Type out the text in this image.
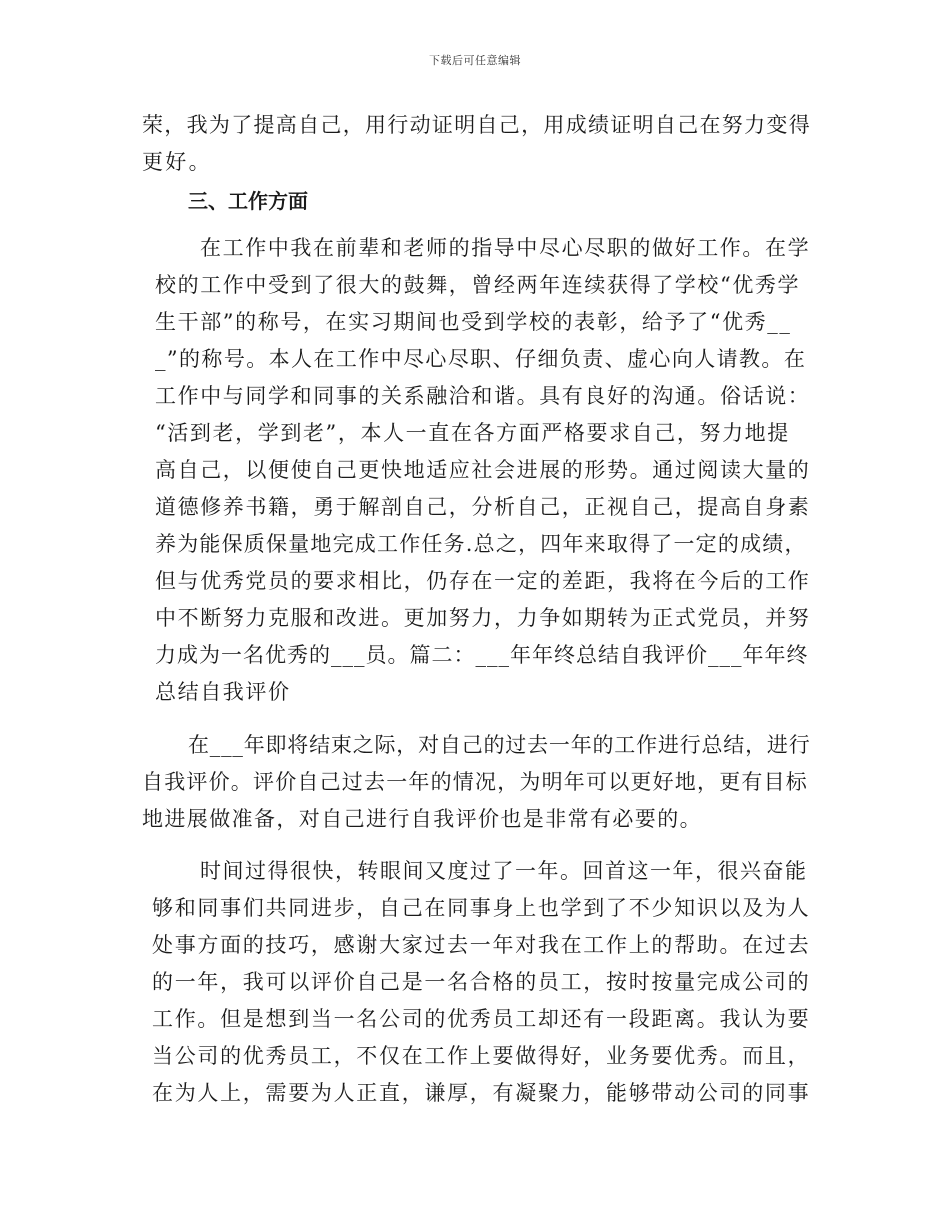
下载后可任意编辑
荣，我为了提高自己，用行动证明自己，用成绩证明自己在努力变得
更好。
三、工作方面
在工作中我在前辈和老师的指导中尽心尽职的做好工作。在学
校的工作中受到了很大的鼓舞，曾经两年连续获得了学校“优秀学
生干部”的称号，在实习期间也受到学校的表彰，给予了“优秀__
_”的称号。本人在工作中尽心尽职、仔细负责、虚心向人请教。在
工作中与同学和同事的关系融洽和谐。具有良好的沟通。俗话说：
“活到老，学到老”，本人一直在各方面严格要求自己，努力地提
高自己，以便使自己更快地适应社会进展的形势。通过阅读大量的
道德修养书籍，勇于解剖自己，分析自己，正视自己，提高自身素
养为能保质保量地完成工作任务.总之，四年来取得了一定的成绩，
但与优秀党员的要求相比，仍存在一定的差距，我将在今后的工作
中不断努力克服和改进。更加努力，力争如期转为正式党员，并努
力成为一名优秀的___员。篇二：___年年终总结自我评价___年年终
总结自我评价
在___年即将结束之际，对自己的过去一年的工作进行总结，进行
自我评价。评价自己过去一年的情况，为明年可以更好地，更有目标
地进展做准备，对自己进行自我评价也是非常有必要的。
时间过得很快，转眼间又度过了一年。回首这一年，很兴奋能
够和同事们共同进步，自己在同事身上也学到了不少知识以及为人
处事方面的技巧，感谢大家过去一年对我在工作上的帮助。在过去
的一年，我可以评价自己是一名合格的员工，按时按量完成公司的
工作。但是想到当一名公司的优秀员工却还有一段距离。我认为要
当公司的优秀员工，不仅在工作上要做得好，业务要优秀。而且，
在为人上，需要为人正直，谦厚，有凝聚力，能够带动公司的同事
